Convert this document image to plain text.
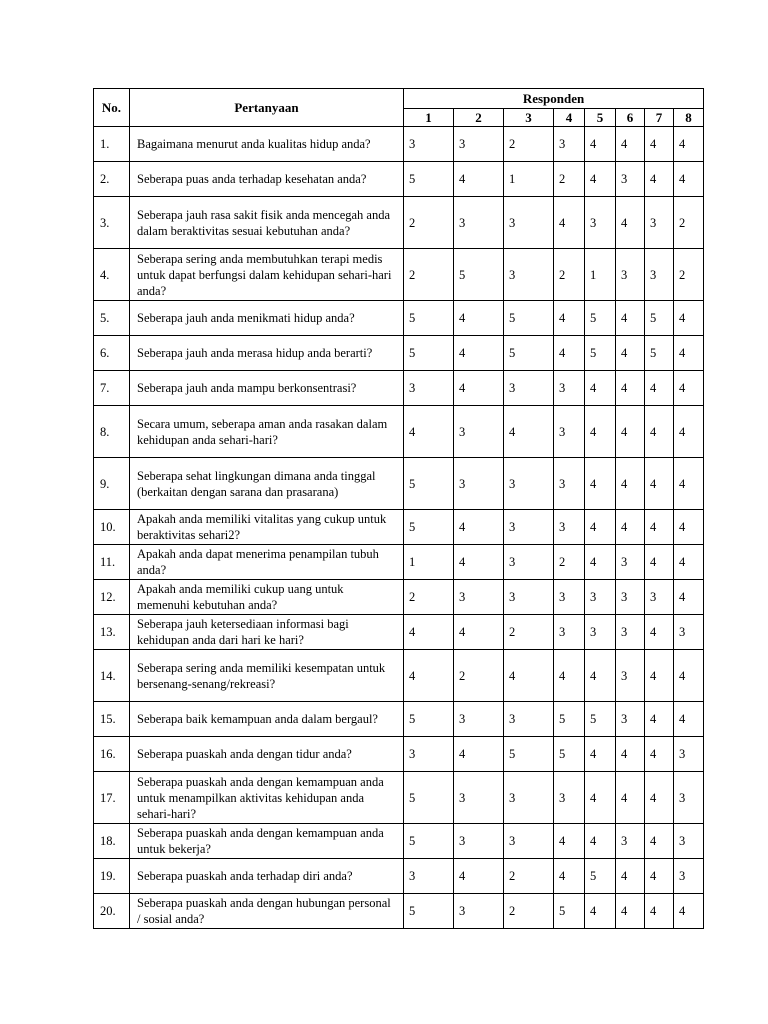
No.	Pertanyaan	Responden							
		1	2	3	4	5	6	7	8
1.	Bagaimana menurut anda kualitas hidup anda?	3	3	2	3	4	4	4	4
2.	Seberapa puas anda terhadap kesehatan anda?	5	4	1	2	4	3	4	4
3.	Seberapa jauh rasa sakit fisik anda mencegah anda dalam beraktivitas sesuai kebutuhan anda?	2	3	3	4	3	4	3	2
4.	Seberapa sering anda membutuhkan terapi medis untuk dapat berfungsi dalam kehidupan sehari-hari anda?	2	5	3	2	1	3	3	2
5.	Seberapa jauh anda menikmati hidup anda?	5	4	5	4	5	4	5	4
6.	Seberapa jauh anda merasa hidup anda berarti?	5	4	5	4	5	4	5	4
7.	Seberapa jauh anda mampu berkonsentrasi?	3	4	3	3	4	4	4	4
8.	Secara umum, seberapa aman anda rasakan dalam kehidupan anda sehari-hari?	4	3	4	3	4	4	4	4
9.	Seberapa sehat lingkungan dimana anda tinggal (berkaitan dengan sarana dan prasarana)	5	3	3	3	4	4	4	4
10.	Apakah anda memiliki vitalitas yang cukup untuk beraktivitas sehari2?	5	4	3	3	4	4	4	4
11.	Apakah anda dapat menerima penampilan tubuh anda?	1	4	3	2	4	3	4	4
12.	Apakah anda memiliki cukup uang untuk memenuhi kebutuhan anda?	2	3	3	3	3	3	3	4
13.	Seberapa jauh ketersediaan informasi bagi kehidupan anda dari hari ke hari?	4	4	2	3	3	3	4	3
14.	Seberapa sering anda memiliki kesempatan untuk bersenang-senang/rekreasi?	4	2	4	4	4	3	4	4
15.	Seberapa baik kemampuan anda dalam bergaul?	5	3	3	5	5	3	4	4
16.	Seberapa puaskah anda dengan tidur anda?	3	4	5	5	4	4	4	3
17.	Seberapa puaskah anda dengan kemampuan anda untuk menampilkan aktivitas kehidupan anda sehari-hari?	5	3	3	3	4	4	4	3
18.	Seberapa puaskah anda dengan kemampuan anda untuk bekerja?	5	3	3	4	4	3	4	3
19.	Seberapa puaskah anda terhadap diri anda?	3	4	2	4	5	4	4	3
20.	Seberapa puaskah anda dengan hubungan personal / sosial anda?	5	3	2	5	4	4	4	4
